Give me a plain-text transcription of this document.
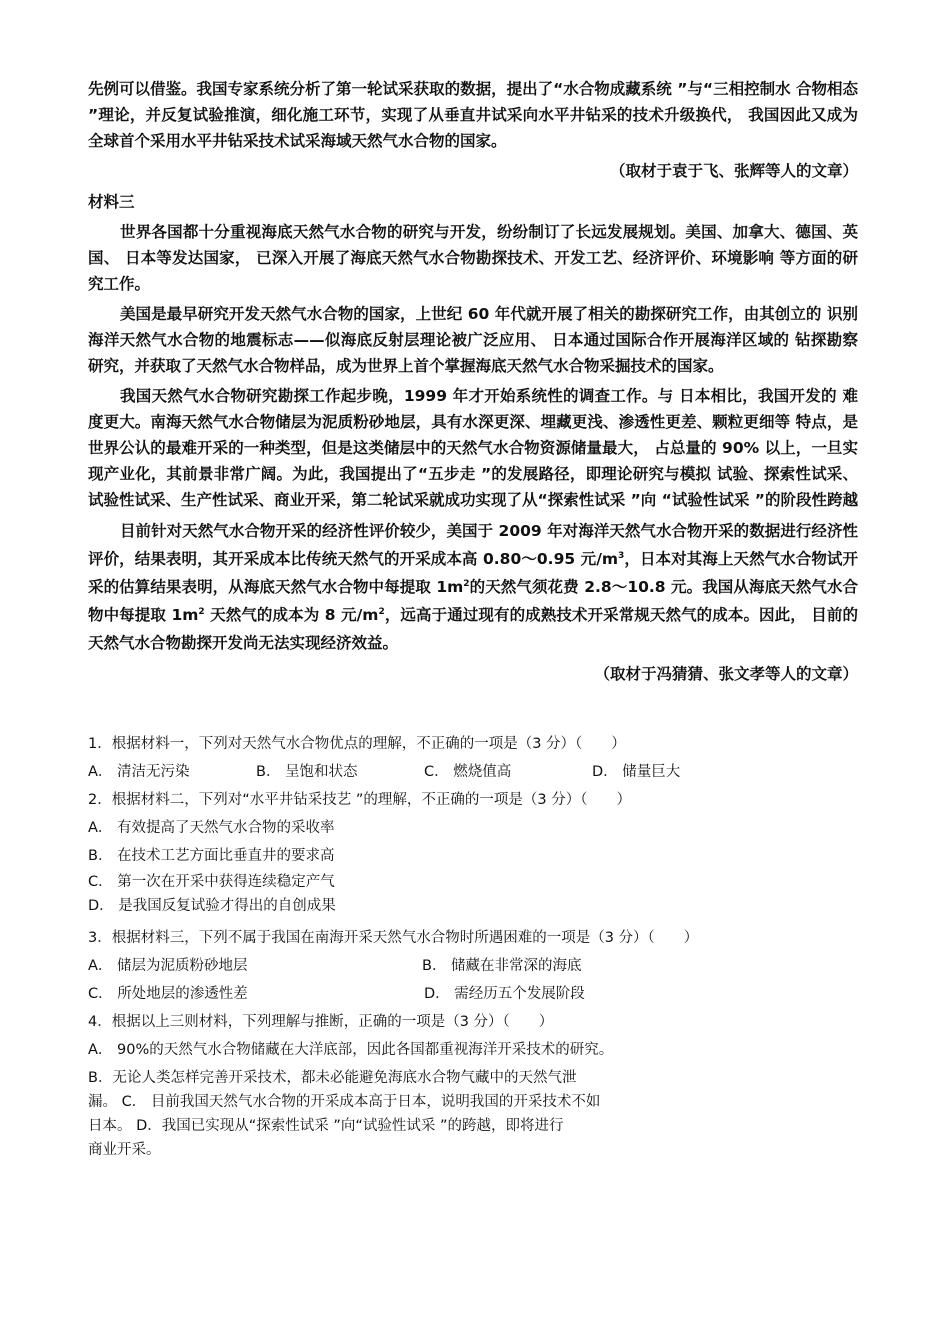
先例可以借鉴。我国专家系统分析了第一轮试采获取的数据，提出了“水合物成藏系统 ”与“三相控制水 合物相态 ”理论，并反复试验推演，细化施工环节，实现了从垂直井试采向水平井钻采的技术升级换代， 我国因此又成为全球首个采用水平井钻采技术试采海域天然气水合物的国家。

（取材于袁于飞、张辉等人的文章）

材料三

世界各国都十分重视海底天然气水合物的研究与开发，纷纷制订了长远发展规划。美国、加拿大、德国、英国、 日本等发达国家， 已深入开展了海底天然气水合物勘探技术、开发工艺、经济评价、环境影响 等方面的研究工作。

美国是最早研究开发天然气水合物的国家，上世纪 60 年代就开展了相关的勘探研究工作，由其创立的 识别海洋天然气水合物的地震标志——似海底反射层理论被广泛应用、 日本通过国际合作开展海洋区域的 钻探勘察研究，并获取了天然气水合物样品，成为世界上首个掌握海底天然气水合物采掘技术的国家。

我国天然气水合物研究勘探工作起步晚，1999 年才开始系统性的调查工作。与 日本相比，我国开发的 难度更大。南海天然气水合物储层为泥质粉砂地层，具有水深更深、埋藏更浅、渗透性更差、颗粒更细等 特点，是世界公认的最难开采的一种类型，但是这类储层中的天然气水合物资源储量最大， 占总量的 90% 以上，一旦实现产业化，其前景非常广阔。为此，我国提出了“五步走 ”的发展路径，即理论研究与模拟 试验、探索性试采、试验性试采、生产性试采、商业开采，第二轮试采就成功实现了从“探索性试采 ”向 “试验性试采 ”的阶段性跨越

目前针对天然气水合物开采的经济性评价较少，美国于 2009 年对海洋天然气水合物开采的数据进行经济性评价，结果表明，其开采成本比传统天然气的开采成本高 0.80～0.95 元$/m^3$，日本对其海上天然气水合物试开采的估算结果表明，从海底天然气水合物中每提取 $1m^2$的天然气须花费 2.8～10.8 元。我国从海底天然气水合物中每提取 $1m^2$ 天然气的成本为 8 元$/m^2$，远高于通过现有的成熟技术开采常规天然气的成本。因此， 目前的天然气水合物勘探开发尚无法实现经济效益。

（取材于冯猜猜、张文孝等人的文章）

1．根据材料一，下列对天然气水合物优点的理解，不正确的一项是（3 分）（　　）
A． 清洁无污染	B． 呈饱和状态	C． 燃烧值高	D． 储量巨大
2．根据材料二，下列对“水平井钻采技艺 ”的理解，不正确的一项是（3 分）（　　）
A． 有效提高了天然气水合物的采收率
B． 在技术工艺方面比垂直井的要求高
C． 第一次在开采中获得连续稳定产气
D． 是我国反复试验才得出的自创成果
3．根据材料三，下列不属于我国在南海开采天然气水合物时所遇困难的一项是（3 分）（　　）
A． 储层为泥质粉砂地层	B． 储藏在非常深的海底
C． 所处地层的渗透性差	D． 需经历五个发展阶段
4．根据以上三则材料，下列理解与推断，正确的一项是（3 分）（　　）
A． 90%的天然气水合物储藏在大洋底部，因此各国都重视海洋开采技术的研究。
B．无论人类怎样完善开采技术，都未必能避免海底水合物气藏中的天然气泄
漏。 C． 目前我国天然气水合物的开采成本高于日本，说明我国的开采技术不如
日本。 D．我国已实现从“探索性试采 ”向“试验性试采 ”的跨越，即将进行
商业开采。
